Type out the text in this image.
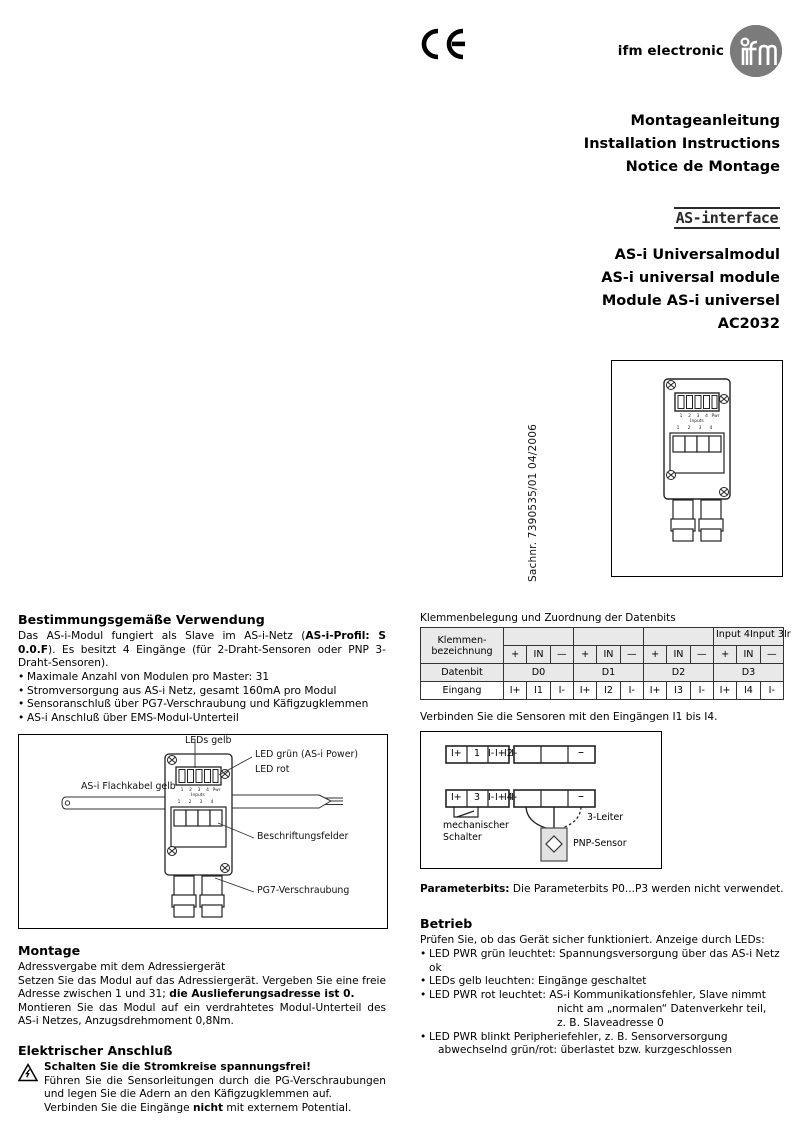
ifm electronic
Montageanleitung
Installation Instructions
Notice de Montage
AS-interface
AS-i Universalmodul
AS-i universal module
Module AS-i universel
AC2032
Sachnr. 7390535/01 04/2006
1 2 3 4 Pwr
Inputs
1 2 3 4
Bestimmungsgemäße Verwendung

Das AS-i-Modul fungiert als Slave im AS-i-Netz (AS-i-Profil: S 0.0.F). Es besitzt 4 Eingänge (für 2-Draht-Sensoren oder PNP 3-Draht-Sensoren).

• Maximale Anzahl von Modulen pro Master: 31
• Stromversorgung aus AS-i Netz, gesamt 160mA pro Modul
• Sensoranschluß über PG7-Verschraubung und Käfigzugklemmen
• AS-i Anschluß über EMS-Modul-Unterteil
1 2 3 4 Pwr
Inputs
1 2 3 4
LEDs gelb
LED grün (AS-i Power)
LED rot
AS-i Flachkabel gelb
Beschriftungsfelder
PG7-Verschraubung
Montage

Adressvergabe mit dem Adressiergerät

Setzen Sie das Modul auf das Adressiergerät. Vergeben Sie eine freie Adresse zwischen 1 und 31; die Auslieferungsadresse ist 0.

Montieren Sie das Modul auf ein verdrahtetes Modul-Unterteil des AS-i Netzes, Anzugsdrehmoment 0,8Nm.

Elektrischer Anschluß

Schalten Sie die Stromkreise spannungsfrei!

Führen Sie die Sensorleitungen durch die PG-Verschraubungen und legen Sie die Adern an den Käfigzugklemmen auf.

Verbinden Sie die Eingänge nicht mit externem Potential.

Klemmenbelegung und Zuordnung der Datenbits

Klemmen-
bezeichnung										Input 4Input 3Ir		

	+	IN	—	+	IN	—	+	IN	—	+	IN	—
Datenbit	D0			D1			D2			D3		
Eingang	I+	I1	I-	I+	I2	I-	I+	I3	I-	I+	I4	I-

Verbinden Sie die Sensoren mit den Eingängen I1 bis I4.

I+ 1 I- I+
I2
I-	–
I+ 3 I- I+
I4
I-	–
mechanischer
Schalter
3-Leiter
PNP-Sensor

Parameterbits: Die Parameterbits P0...P3 werden nicht verwendet.

Betrieb

Prüfen Sie, ob das Gerät sicher funktioniert. Anzeige durch LEDs:

• LED PWR grün leuchtet: Spannungsversorgung über das AS-i Netz ok
• LEDs gelb leuchten: Eingänge geschaltet
• LED PWR rot leuchtet: AS-i Kommunikationsfehler, Slave nimmt
nicht am „normalen“ Datenverkehr teil,
z. B. Slaveadresse 0
• LED PWR blinkt Peripheriefehler, z. B. Sensorversorgung
abwechselnd grün/rot: überlastet bzw. kurzgeschlossen
